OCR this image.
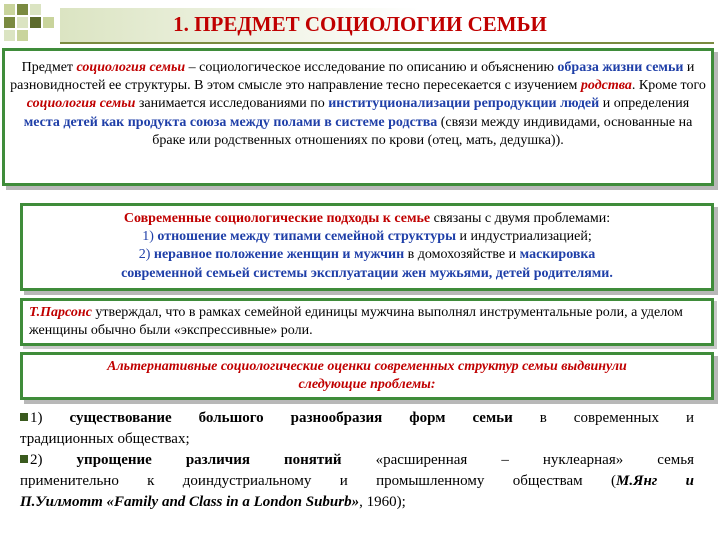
1. ПРЕДМЕТ СОЦИОЛОГИИ СЕМЬИ
Предмет социология семьи – социологическое исследование по описанию и объяснению образа жизни семьи и разновидностей ее структуры. В этом смысле это направление тесно пересекается с изучением родства. Кроме того социология семьи занимается исследованиями по институционализации репродукции людей и определения места детей как продукта союза между полами в системе родства (связи между индивидами, основанные на браке или родственных отношениях по крови (отец, мать, дедушка)).
Современные социологические подходы к семье связаны с двумя проблемами:
1) отношение между типами семейной структуры и индустриализацией;
2) неравное положение женщин и мужчин в домохозяйстве и маскировка
современной семьей системы эксплуатации жен мужьями, детей родителями.
Т.Парсонс утверждал, что в рамках семейной единицы мужчина выполнял инструментальные роли, а уделом женщины обычно были «экспрессивные» роли.
Альтернативные социологические оценки современных структур семьи выдвинули
следующие проблемы:

1) существование большого разнообразия форм семьи в современных и

традиционных обществах;

2) упрощение различия понятий «расширенная – нуклеарная» семья

применительно к доиндустриальному и промышленному обществам (М.Янг и

П.Уилмотт «Family and Class in a London Suburb», 1960);
